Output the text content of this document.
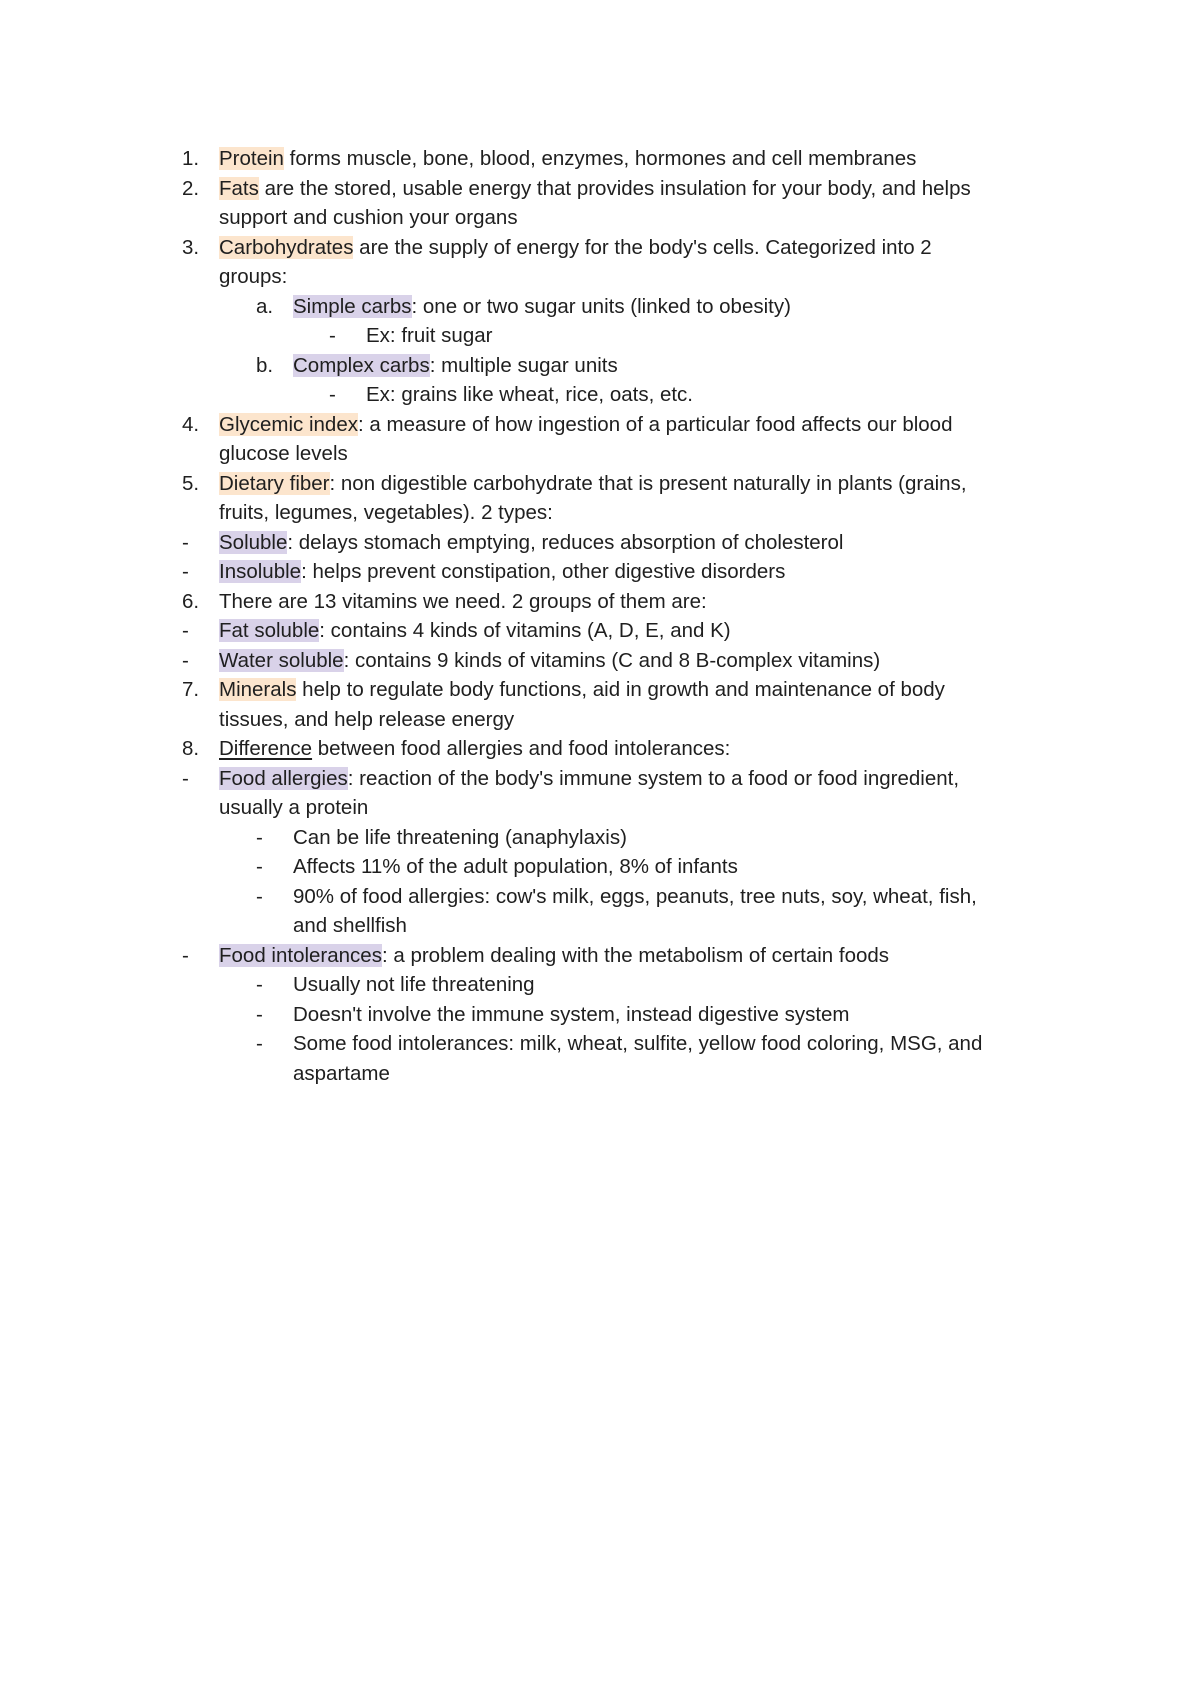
1. Protein forms muscle, bone, blood, enzymes, hormones and cell membranes
2. Fats are the stored, usable energy that provides insulation for your body, and helps
support and cushion your organs
3. Carbohydrates are the supply of energy for the body's cells. Categorized into 2
groups:
a. Simple carbs: one or two sugar units (linked to obesity)
- Ex: fruit sugar
b. Complex carbs: multiple sugar units
- Ex: grains like wheat, rice, oats, etc.
4. Glycemic index: a measure of how ingestion of a particular food affects our blood
glucose levels
5. Dietary fiber: non digestible carbohydrate that is present naturally in plants (grains,
fruits, legumes, vegetables). 2 types:
- Soluble: delays stomach emptying, reduces absorption of cholesterol
- Insoluble: helps prevent constipation, other digestive disorders
6. There are 13 vitamins we need. 2 groups of them are:
- Fat soluble: contains 4 kinds of vitamins (A, D, E, and K)
- Water soluble: contains 9 kinds of vitamins (C and 8 B-complex vitamins)
7. Minerals help to regulate body functions, aid in growth and maintenance of body
tissues, and help release energy
8. Difference between food allergies and food intolerances:
- Food allergies: reaction of the body's immune system to a food or food ingredient,
usually a protein
- Can be life threatening (anaphylaxis)
- Affects 11% of the adult population, 8% of infants
- 90% of food allergies: cow's milk, eggs, peanuts, tree nuts, soy, wheat, fish,
and shellfish
- Food intolerances: a problem dealing with the metabolism of certain foods
- Usually not life threatening
- Doesn't involve the immune system, instead digestive system
- Some food intolerances: milk, wheat, sulfite, yellow food coloring, MSG, and
aspartame
